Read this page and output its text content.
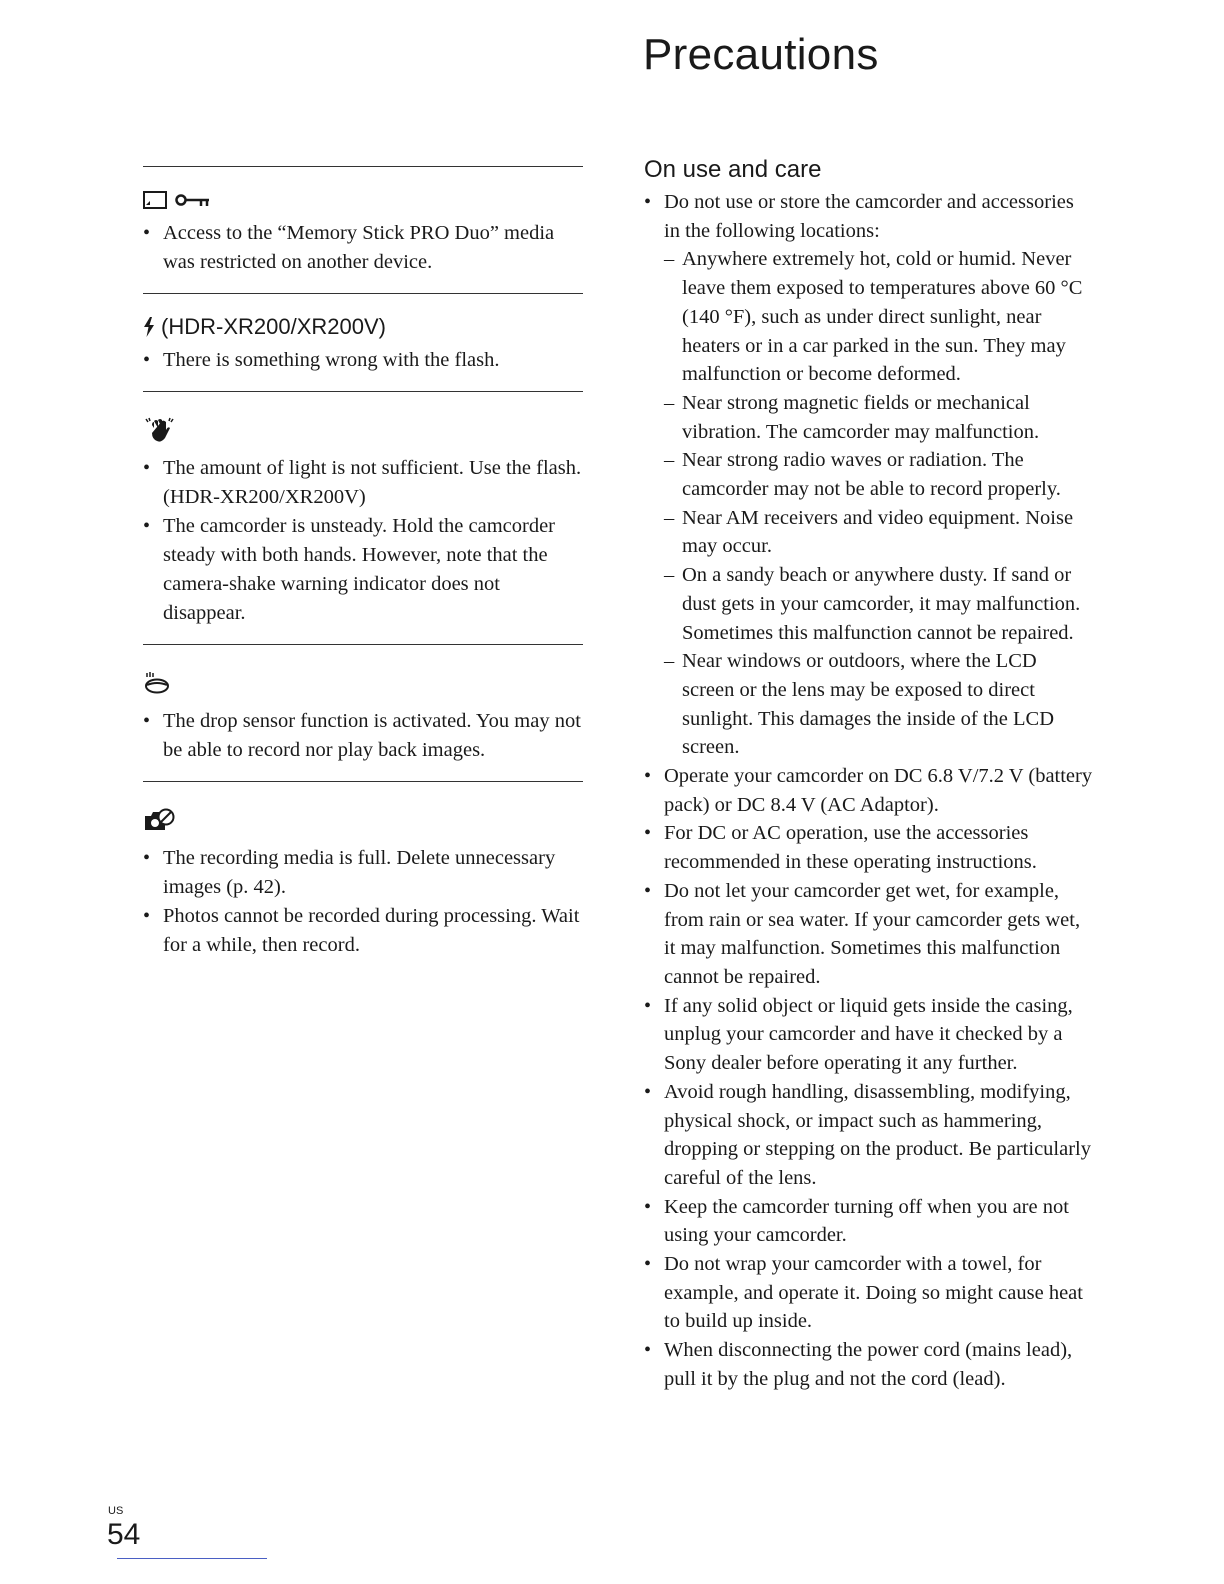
Precautions
• Access to the “Memory Stick PRO Duo” media was restricted on another device.
(HDR-XR200/XR200V)
• There is something wrong with the flash.
• The amount of light is not sufficient. Use the flash. (HDR-XR200/XR200V)
• The camcorder is unsteady. Hold the camcorder steady with both hands. However, note that the camera-shake warning indicator does not disappear.
• The drop sensor function is activated. You may not be able to record nor play back images.
• The recording media is full. Delete unnecessary images (p. 42).
• Photos cannot be recorded during processing. Wait for a while, then record.
On use and care
• Do not use or store the camcorder and accessories in the following locations:
– Anywhere extremely hot, cold or humid. Never leave them exposed to temperatures above 60 °C (140 °F), such as under direct sunlight, near heaters or in a car parked in the sun. They may malfunction or become deformed.
– Near strong magnetic fields or mechanical vibration. The camcorder may malfunction.
– Near strong radio waves or radiation. The camcorder may not be able to record properly.
– Near AM receivers and video equipment. Noise may occur.
– On a sandy beach or anywhere dusty. If sand or dust gets in your camcorder, it may malfunction. Sometimes this malfunction cannot be repaired.
– Near windows or outdoors, where the LCD screen or the lens may be exposed to direct sunlight. This damages the inside of the LCD screen.
• Operate your camcorder on DC 6.8 V/7.2 V (battery pack) or DC 8.4 V (AC Adaptor).
• For DC or AC operation, use the accessories recommended in these operating instructions.
• Do not let your camcorder get wet, for example, from rain or sea water. If your camcorder gets wet, it may malfunction. Sometimes this malfunction cannot be repaired.
• If any solid object or liquid gets inside the casing, unplug your camcorder and have it checked by a Sony dealer before operating it any further.
• Avoid rough handling, disassembling, modifying, physical shock, or impact such as hammering, dropping or stepping on the product. Be particularly careful of the lens.
• Keep the camcorder turning off when you are not using your camcorder.
• Do not wrap your camcorder with a towel, for example, and operate it. Doing so might cause heat to build up inside.
• When disconnecting the power cord (mains lead), pull it by the plug and not the cord (lead).
US
54
